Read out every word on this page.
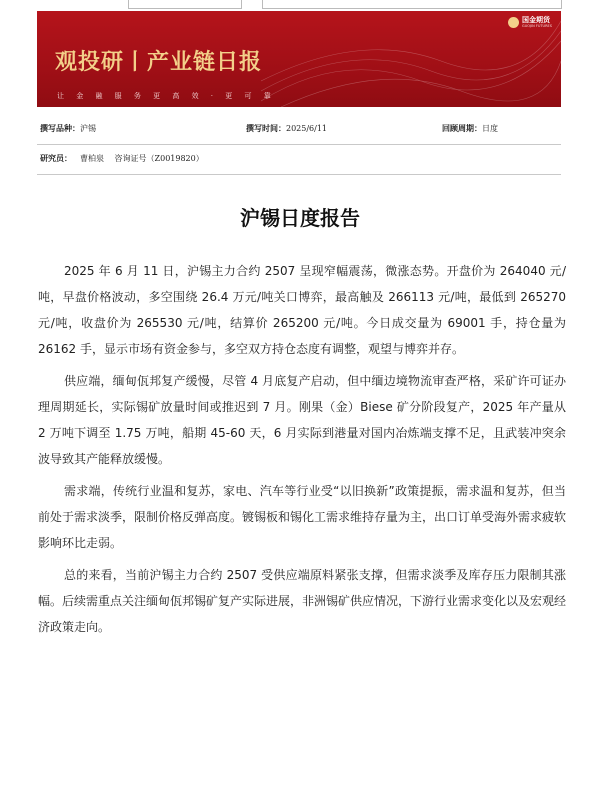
观投研丨产业链日报
让 金 融 服 务 更 高 效 · 更 可 靠
国金期货
GUOJIN FUTURES
撰写品种：沪锡	撰写时间：2025/6/11	回顾周期：日度
研究员： 曹柏泉 咨询证号（Z0019820）
沪锡日度报告

2025 年 6 月 11 日，沪锡主力合约 2507 呈现窄幅震荡，微涨态势。开盘价为 264040 元/吨，早盘价格波动，多空围绕 26.4 万元/吨关口博弈，最高触及 266113 元/吨，最低到 265270 元/吨，收盘价为 265530 元/吨，结算价 265200 元/吨。今日成交量为 69001 手，持仓量为 26162 手，显示市场有资金参与，多空双方持仓态度有调整，观望与博弈并存。

供应端，缅甸佤邦复产缓慢，尽管 4 月底复产启动，但中缅边境物流审查严格，采矿许可证办理周期延长，实际锡矿放量时间或推迟到 7 月。刚果（金）Biese 矿分阶段复产，2025 年产量从 2 万吨下调至 1.75 万吨，船期 45-60 天，6 月实际到港量对国内冶炼端支撑不足，且武装冲突余波导致其产能释放缓慢。

需求端，传统行业温和复苏，家电、汽车等行业受“以旧换新”政策提振，需求温和复苏，但当前处于需求淡季，限制价格反弹高度。镀锡板和锡化工需求维持存量为主，出口订单受海外需求疲软影响环比走弱。

总的来看，当前沪锡主力合约 2507 受供应端原料紧张支撑，但需求淡季及库存压力限制其涨幅。后续需重点关注缅甸佤邦锡矿复产实际进展，非洲锡矿供应情况，下游行业需求变化以及宏观经济政策走向。
